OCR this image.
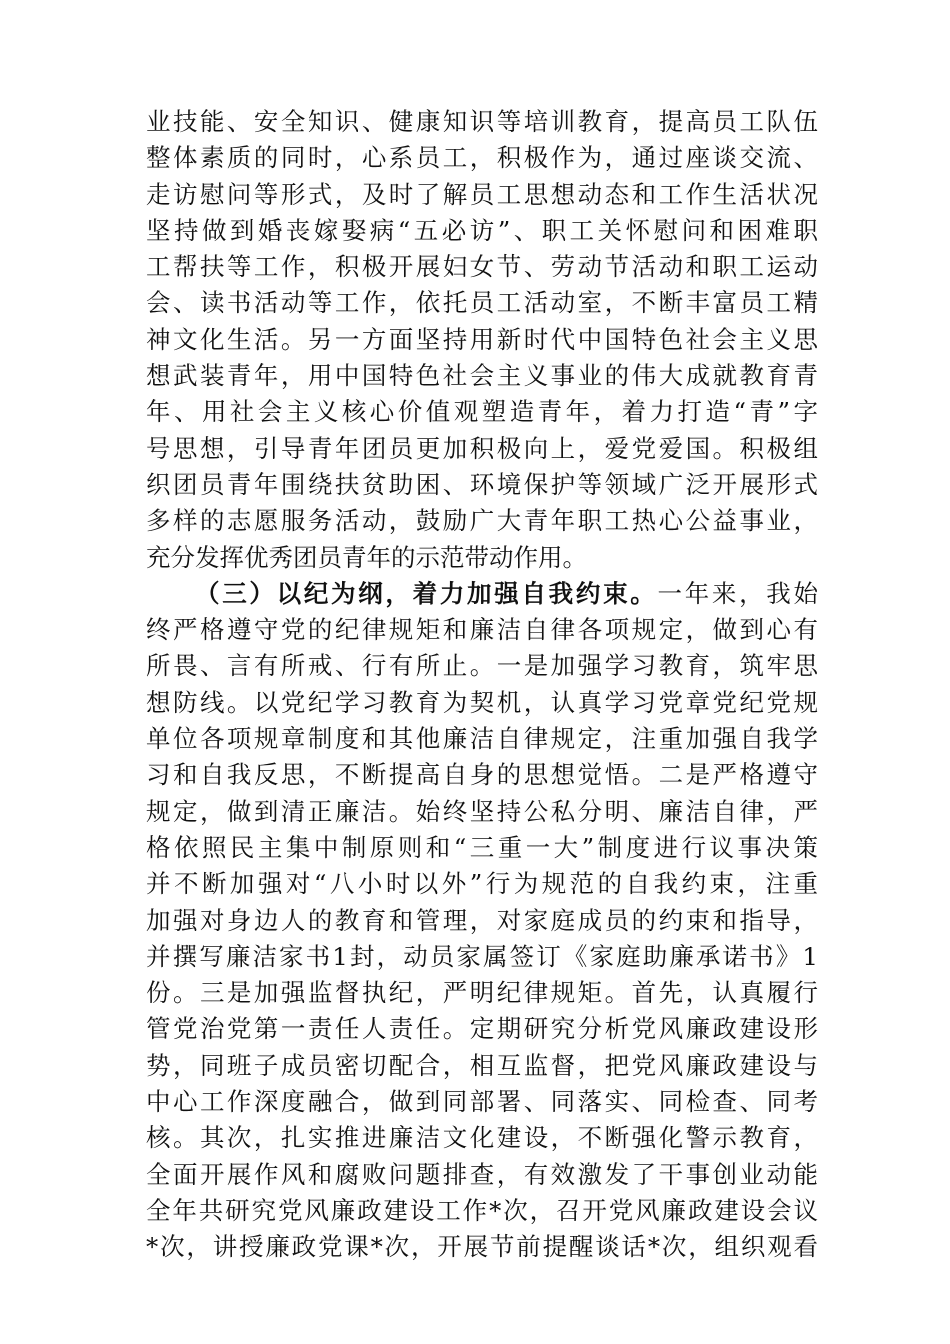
业技能、安全知识、健康知识等培训教育，提高员工队伍
整体素质的同时，心系员工，积极作为，通过座谈交流、
走访慰问等形式，及时了解员工思想动态和工作生活状况
坚持做到婚丧嫁娶病“五必访”、职工关怀慰问和困难职
工帮扶等工作，积极开展妇女节、劳动节活动和职工运动
会、读书活动等工作，依托员工活动室，不断丰富员工精
神文化生活。另一方面坚持用新时代中国特色社会主义思
想武装青年，用中国特色社会主义事业的伟大成就教育青
年、用社会主义核心价值观塑造青年，着力打造“青”字
号思想，引导青年团员更加积极向上，爱党爱国。积极组
织团员青年围绕扶贫助困、环境保护等领域广泛开展形式
多样的志愿服务活动，鼓励广大青年职工热心公益事业，
充分发挥优秀团员青年的示范带动作用。
（三）以纪为纲，着力加强自我约束。一年来，我始
终严格遵守党的纪律规矩和廉洁自律各项规定，做到心有
所畏、言有所戒、行有所止。一是加强学习教育，筑牢思
想防线。以党纪学习教育为契机，认真学习党章党纪党规
单位各项规章制度和其他廉洁自律规定，注重加强自我学
习和自我反思，不断提高自身的思想觉悟。二是严格遵守
规定，做到清正廉洁。始终坚持公私分明、廉洁自律，严
格依照民主集中制原则和“三重一大”制度进行议事决策
并不断加强对“八小时以外”行为规范的自我约束，注重
加强对身边人的教育和管理，对家庭成员的约束和指导，
并撰写廉洁家书1封，动员家属签订《家庭助廉承诺书》1
份。三是加强监督执纪，严明纪律规矩。首先，认真履行
管党治党第一责任人责任。定期研究分析党风廉政建设形
势，同班子成员密切配合，相互监督，把党风廉政建设与
中心工作深度融合，做到同部署、同落实、同检查、同考
核。其次，扎实推进廉洁文化建设，不断强化警示教育，
全面开展作风和腐败问题排查，有效激发了干事创业动能
全年共研究党风廉政建设工作*次，召开党风廉政建设会议
*次，讲授廉政党课*次，开展节前提醒谈话*次，组织观看
